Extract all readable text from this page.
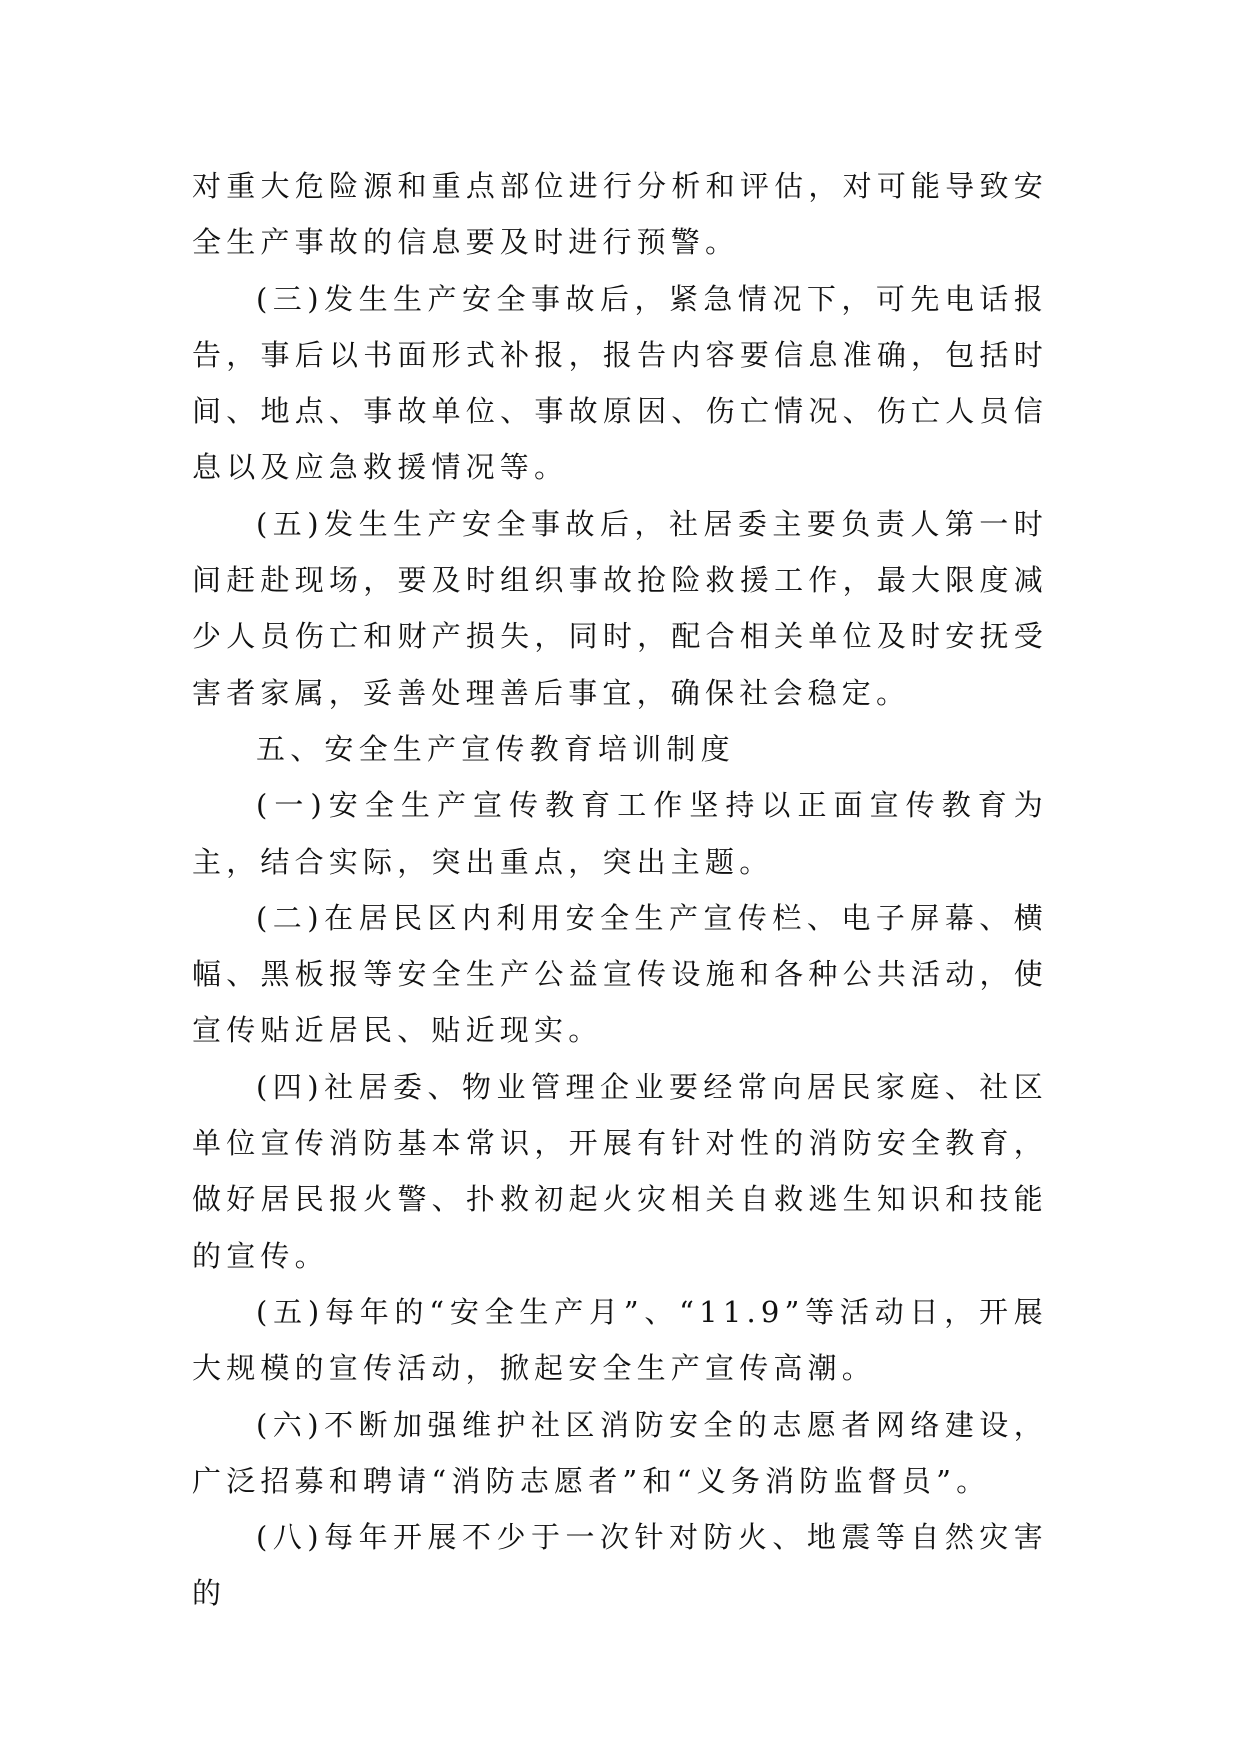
对重大危险源和重点部位进行分析和评估，对可能导致安全生产事故的信息要及时进行预警。

(三)发生生产安全事故后，紧急情况下，可先电话报告，事后以书面形式补报，报告内容要信息准确，包括时间、地点、事故单位、事故原因、伤亡情况、伤亡人员信息以及应急救援情况等。

(五)发生生产安全事故后，社居委主要负责人第一时间赶赴现场，要及时组织事故抢险救援工作，最大限度减少人员伤亡和财产损失，同时，配合相关单位及时安抚受害者家属，妥善处理善后事宜，确保社会稳定。

五、安全生产宣传教育培训制度

(一)安全生产宣传教育工作坚持以正面宣传教育为主，结合实际，突出重点，突出主题。

(二)在居民区内利用安全生产宣传栏、电子屏幕、横幅、黑板报等安全生产公益宣传设施和各种公共活动，使宣传贴近居民、贴近现实。

(四)社居委、物业管理企业要经常向居民家庭、社区单位宣传消防基本常识，开展有针对性的消防安全教育，做好居民报火警、扑救初起火灾相关自救逃生知识和技能的宣传。

(五)每年的“安全生产月”、“11.9”等活动日，开展大规模的宣传活动，掀起安全生产宣传高潮。

(六)不断加强维护社区消防安全的志愿者网络建设，广泛招募和聘请“消防志愿者”和“义务消防监督员”。

(八)每年开展不少于一次针对防火、地震等自然灾害的
